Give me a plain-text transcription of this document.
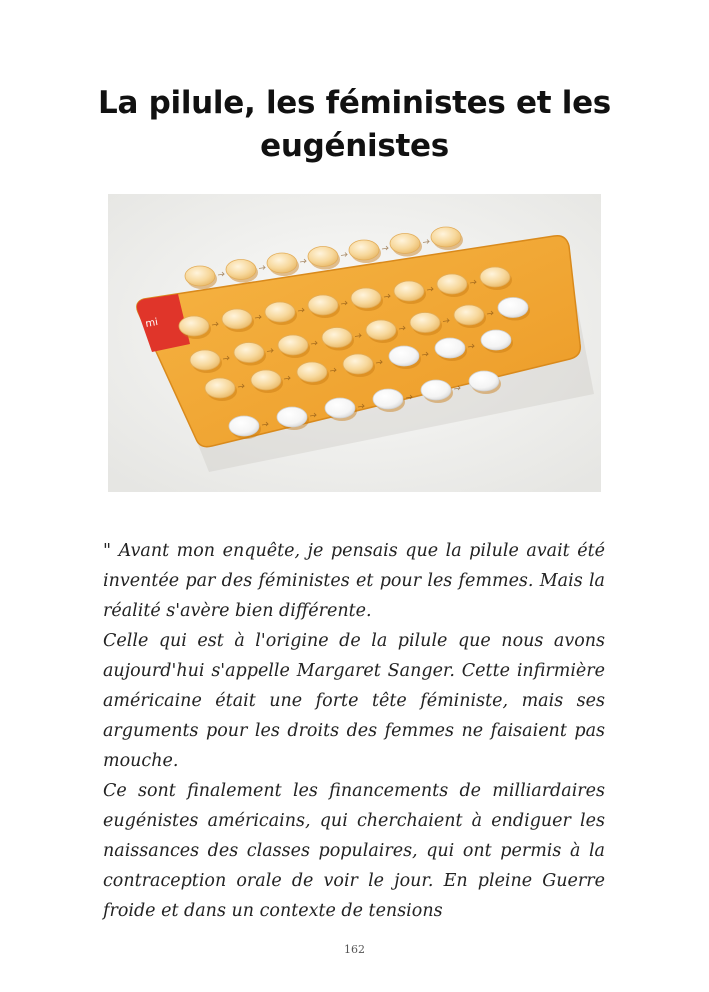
La pilule, les féministes et les eugénistes
mi

" Avant mon enquête, je pensais que la pilule avait été inventée par des féministes et pour les femmes. Mais la réalité s'avère bien différente.

Celle qui est à l'origine de la pilule que nous avons aujourd'hui s'appelle Margaret Sanger. Cette infirmière américaine était une forte tête féministe, mais ses arguments pour les droits des femmes ne faisaient pas mouche.

Ce sont finalement les financements de milliardaires eugénistes américains, qui cherchaient à endiguer les naissances des classes populaires, qui ont permis à la contraception orale de voir le jour. En pleine Guerre froide et dans un contexte de tensions

162
